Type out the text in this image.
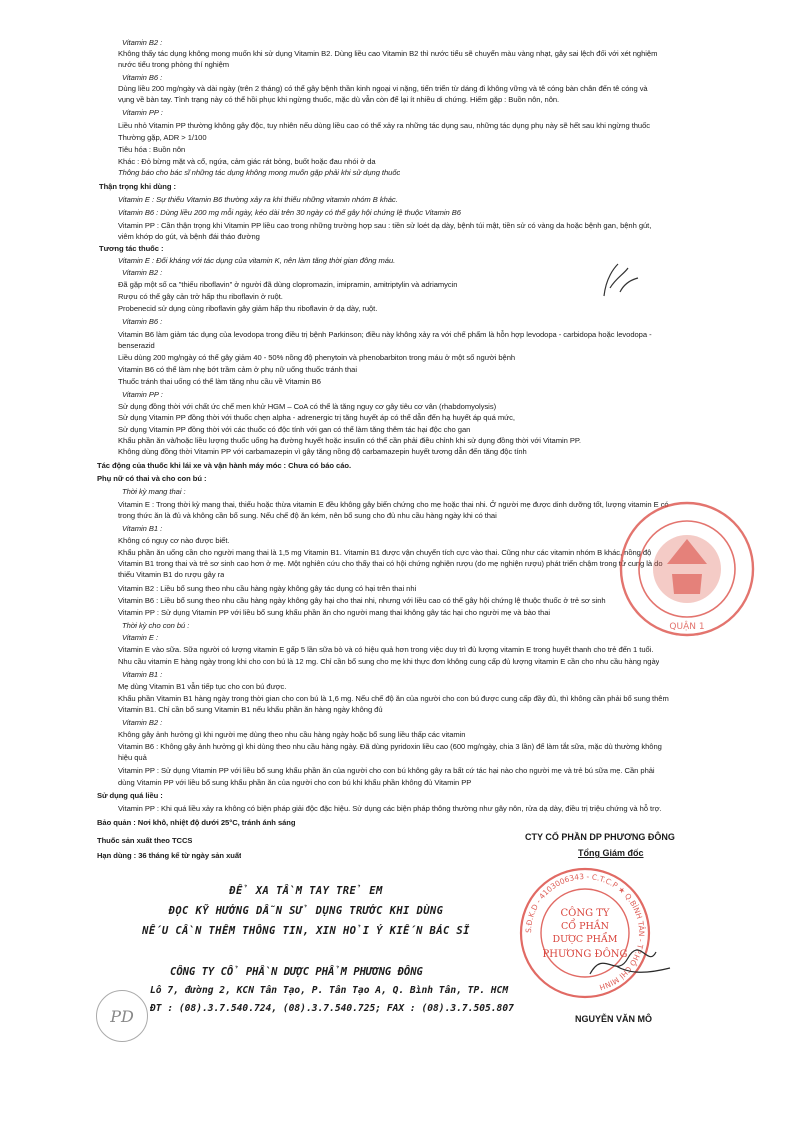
Vitamin B2 :
Không thấy tác dụng không mong muốn khi sử dụng Vitamin B2. Dùng liều cao Vitamin B2 thì nước tiểu sẽ chuyển màu vàng nhạt, gây sai lệch đối với xét nghiệm
nước tiểu trong phòng thí nghiệm
Vitamin B6 :
Dùng liều 200 mg/ngày và dài ngày (trên 2 tháng) có thể gây bệnh thần kinh ngoại vi nặng, tiến triển từ dáng đi không vững và tê cóng bàn chân đến tê cóng và
vụng về bàn tay. Tình trạng này có thể hồi phục khi ngừng thuốc, mặc dù vẫn còn để lại ít nhiều di chứng. Hiếm gặp : Buồn nôn, nôn.
Vitamin PP :
Liều nhỏ Vitamin PP thường không gây độc, tuy nhiên nếu dùng liều cao có thể xảy ra những tác dụng sau, những tác dụng phụ này sẽ hết sau khi ngừng thuốc
Thường gặp, ADR > 1/100
Tiêu hóa : Buồn nôn
Khác : Đỏ bừng mặt và cổ, ngứa, cảm giác rát bỏng, buốt hoặc đau nhói ở da
Thông báo cho bác sĩ những tác dụng không mong muốn gặp phải khi sử dụng thuốc
Thận trọng khi dùng :
Vitamin E : Sự thiếu Vitamin B6 thường xảy ra khi thiếu những vitamin nhóm B khác.
Vitamin B6 : Dùng liều 200 mg mỗi ngày, kéo dài trên 30 ngày có thể gây hội chứng lệ thuộc Vitamin B6
Vitamin PP : Cần thận trọng khi Vitamin PP liều cao trong những trường hợp sau : tiền sử loét dạ dày, bệnh túi mật, tiền sử có vàng da hoặc bệnh gan, bệnh gút,
viêm khớp do gút, và bệnh đái tháo đường
Tương tác thuốc :
Vitamin E : Đối kháng với tác dụng của vitamin K, nên làm tăng thời gian đông máu.
Vitamin B2 :
Đã gặp một số ca "thiếu riboflavin" ở người đã dùng clopromazin, imipramin, amitriptylin và adriamycin
Rượu có thể gây cản trở hấp thu riboflavin ở ruột.
Probenecid sử dụng cùng riboflavin gây giảm hấp thu riboflavin ở dạ dày, ruột.
Vitamin B6 :
Vitamin B6 làm giảm tác dụng của levodopa trong điều trị bệnh Parkinson; điều này không xảy ra với chế phẩm là hỗn hợp levodopa - carbidopa hoặc levodopa -
benserazid
Liều dùng 200 mg/ngày có thể gây giảm 40 - 50% nồng độ phenytoin và phenobarbiton trong máu ở một số người bệnh
Vitamin B6 có thể làm nhẹ bớt trầm cảm ở phụ nữ uống thuốc tránh thai
Thuốc tránh thai uống có thể làm tăng nhu cầu về Vitamin B6
Vitamin PP :
Sử dụng đồng thời với chất ức chế men khử HGM – CoA có thể là tăng nguy cơ gây tiêu cơ vân (rhabdomyolysis)
Sử dụng Vitamin PP đồng thời với thuốc chẹn alpha - adrenergic trị tăng huyết áp có thể dẫn đến hạ huyết áp quá mức,
Sử dụng Vitamin PP đồng thời với các thuốc có độc tính với gan có thể làm tăng thêm tác hại độc cho gan
Khẩu phần ăn và/hoặc liều lượng thuốc uống hạ đường huyết hoặc insulin có thể cần phải điều chỉnh khi sử dụng đồng thời với Vitamin PP.
Không dùng đồng thời Vitamin PP với carbamazepin vì gây tăng nồng độ carbamazepin huyết tương dẫn đến tăng độc tính
Tác động của thuốc khi lái xe và vận hành máy móc : Chưa có báo cáo.
Phụ nữ có thai và cho con bú :
Thời kỳ mang thai :
Vitamin E : Trong thời kỳ mang thai, thiếu hoặc thừa vitamin E đều không gây biến chứng cho mẹ hoặc thai nhi. Ở người mẹ được dinh dưỡng tốt, lượng vitamin E có
trong thức ăn là đủ và không cần bổ sung. Nếu chế độ ăn kém, nên bổ sung cho đủ nhu cầu hàng ngày khi có thai
Vitamin B1 :
Không có nguy cơ nào được biết.
Khẩu phần ăn uống cần cho người mang thai là 1,5 mg Vitamin B1. Vitamin B1 được vận chuyển tích cực vào thai. Cũng như các vitamin nhóm B khác, nồng độ
Vitamin B1 trong thai và trẻ sơ sinh cao hơn ở mẹ. Một nghiên cứu cho thấy thai có hội chứng nghiện rượu (do mẹ nghiện rượu) phát triển chậm trong tử cung là do
thiếu Vitamin B1 do rượu gây ra
Vitamin B2 : Liều bổ sung theo nhu cầu hàng ngày không gây tác dụng có hại trên thai nhi
Vitamin B6 : Liều bổ sung theo nhu cầu hàng ngày không gây hại cho thai nhi, nhưng với liều cao có thể gây hội chứng lệ thuộc thuốc ở trẻ sơ sinh
Vitamin PP : Sử dụng Vitamin PP với liều bổ sung khẩu phần ăn cho người mang thai không gây tác hại cho người mẹ và bào thai
Thời kỳ cho con bú :
Vitamin E :
Vitamin E vào sữa. Sữa người có lượng vitamin E gấp 5 lần sữa bò và có hiệu quả hơn trong việc duy trì đủ lượng vitamin E trong huyết thanh cho trẻ đến 1 tuổi.
Nhu cầu vitamin E hàng ngày trong khi cho con bú là 12 mg. Chỉ cần bổ sung cho mẹ khi thực đơn không cung cấp đủ lượng vitamin E cần cho nhu cầu hàng ngày
Vitamin B1 :
Mẹ dùng Vitamin B1 vẫn tiếp tục cho con bú được.
Khẩu phần Vitamin B1 hàng ngày trong thời gian cho con bú là 1,6 mg. Nếu chế độ ăn của người cho con bú được cung cấp đầy đủ, thì không cần phải bổ sung thêm
Vitamin B1. Chỉ cần bổ sung Vitamin B1 nếu khẩu phần ăn hàng ngày không đủ
Vitamin B2 :
Không gây ảnh hưởng gì khi người mẹ dùng theo nhu cầu hàng ngày hoặc bổ sung liều thấp các vitamin
Vitamin B6 : Không gây ảnh hưởng gì khi dùng theo nhu cầu hàng ngày. Đã dùng pyridoxin liều cao (600 mg/ngày, chia 3 lần) để làm tắt sữa, mặc dù thường không
hiệu quả
Vitamin PP : Sử dụng Vitamin PP với liều bổ sung khẩu phần ăn của người cho con bú không gây ra bất cứ tác hại nào cho người mẹ và trẻ bú sữa mẹ. Cần phải
dùng Vitamin PP với liều bổ sung khẩu phần ăn của người cho con bú khi khẩu phần không đủ Vitamin PP
Sử dụng quá liều :
Vitamin PP : Khi quá liều xảy ra không có biện pháp giải độc đặc hiệu. Sử dụng các biện pháp thông thường như gây nôn, rửa dạ dày, điều trị triệu chứng và hỗ trợ.
Bảo quản : Nơi khô, nhiệt độ dưới 25°C, tránh ánh sáng
Thuốc sản xuất theo TCCS
Hạn dùng : 36 tháng kể từ ngày sản xuất
QUẬN 1
CTY CỔ PHẦN DP PHƯƠNG ĐÔNG
Tổng Giám đốc
S.Đ.K.D - 4103006343 - C.T.C.P ★ Q.BÌNH TÂN - TP.HỒ CHÍ MINH
CÔNG TY
CỔ PHẦN
DƯỢC PHẨM
PHƯƠNG ĐÔNG
NGUYỄN VĂN MÔ
ĐỂ XA TẦM TAY TRẺ EM
ĐỌC KỸ HƯỚNG DẪN SỬ DỤNG TRƯỚC KHI DÙNG
NẾU CẦN THÊM THÔNG TIN, XIN HỎI Ý KIẾN BÁC SĨ
PD
CÔNG TY CỔ PHẦN DƯỢC PHẨM PHƯƠNG ĐÔNG
Lô 7, đường 2, KCN Tân Tạo, P. Tân Tạo A, Q. Bình Tân, TP. HCM
ĐT : (08).3.7.540.724, (08).3.7.540.725; FAX : (08).3.7.505.807
